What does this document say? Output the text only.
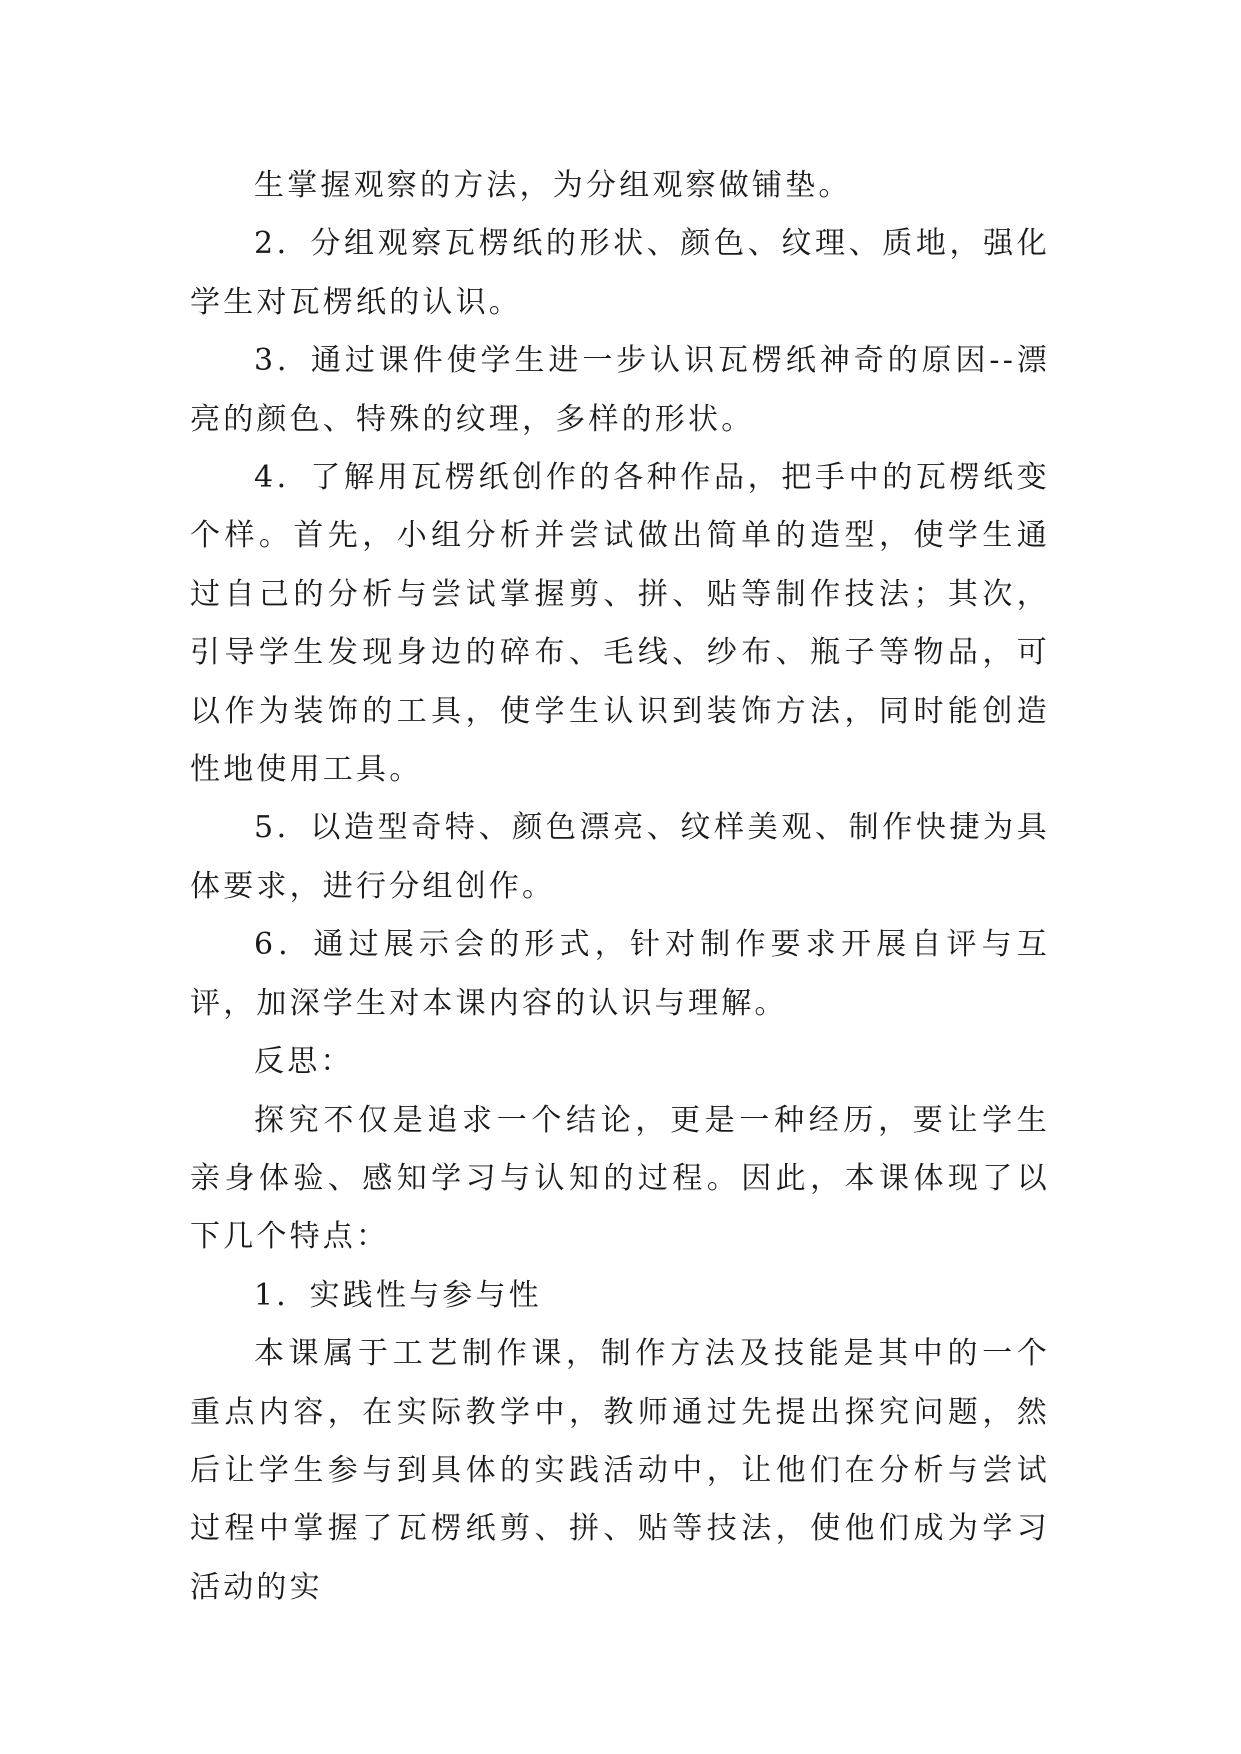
生掌握观察的方法，为分组观察做铺垫。

2．分组观察瓦楞纸的形状、颜色、纹理、质地，强化学生对瓦楞纸的认识。

3．通过课件使学生进一步认识瓦楞纸神奇的原因--漂亮的颜色、特殊的纹理，多样的形状。

4．了解用瓦楞纸创作的各种作品，把手中的瓦楞纸变个样。首先，小组分析并尝试做出简单的造型，使学生通过自己的分析与尝试掌握剪、拼、贴等制作技法；其次，引导学生发现身边的碎布、毛线、纱布、瓶子等物品，可以作为装饰的工具，使学生认识到装饰方法，同时能创造性地使用工具。

5．以造型奇特、颜色漂亮、纹样美观、制作快捷为具体要求，进行分组创作。

6．通过展示会的形式，针对制作要求开展自评与互评，加深学生对本课内容的认识与理解。

反思：

探究不仅是追求一个结论，更是一种经历，要让学生亲身体验、感知学习与认知的过程。因此，本课体现了以下几个特点：

1．实践性与参与性

本课属于工艺制作课，制作方法及技能是其中的一个重点内容，在实际教学中，教师通过先提出探究问题，然后让学生参与到具体的实践活动中，让他们在分析与尝试过程中掌握了瓦楞纸剪、拼、贴等技法，使他们成为学习活动的实
